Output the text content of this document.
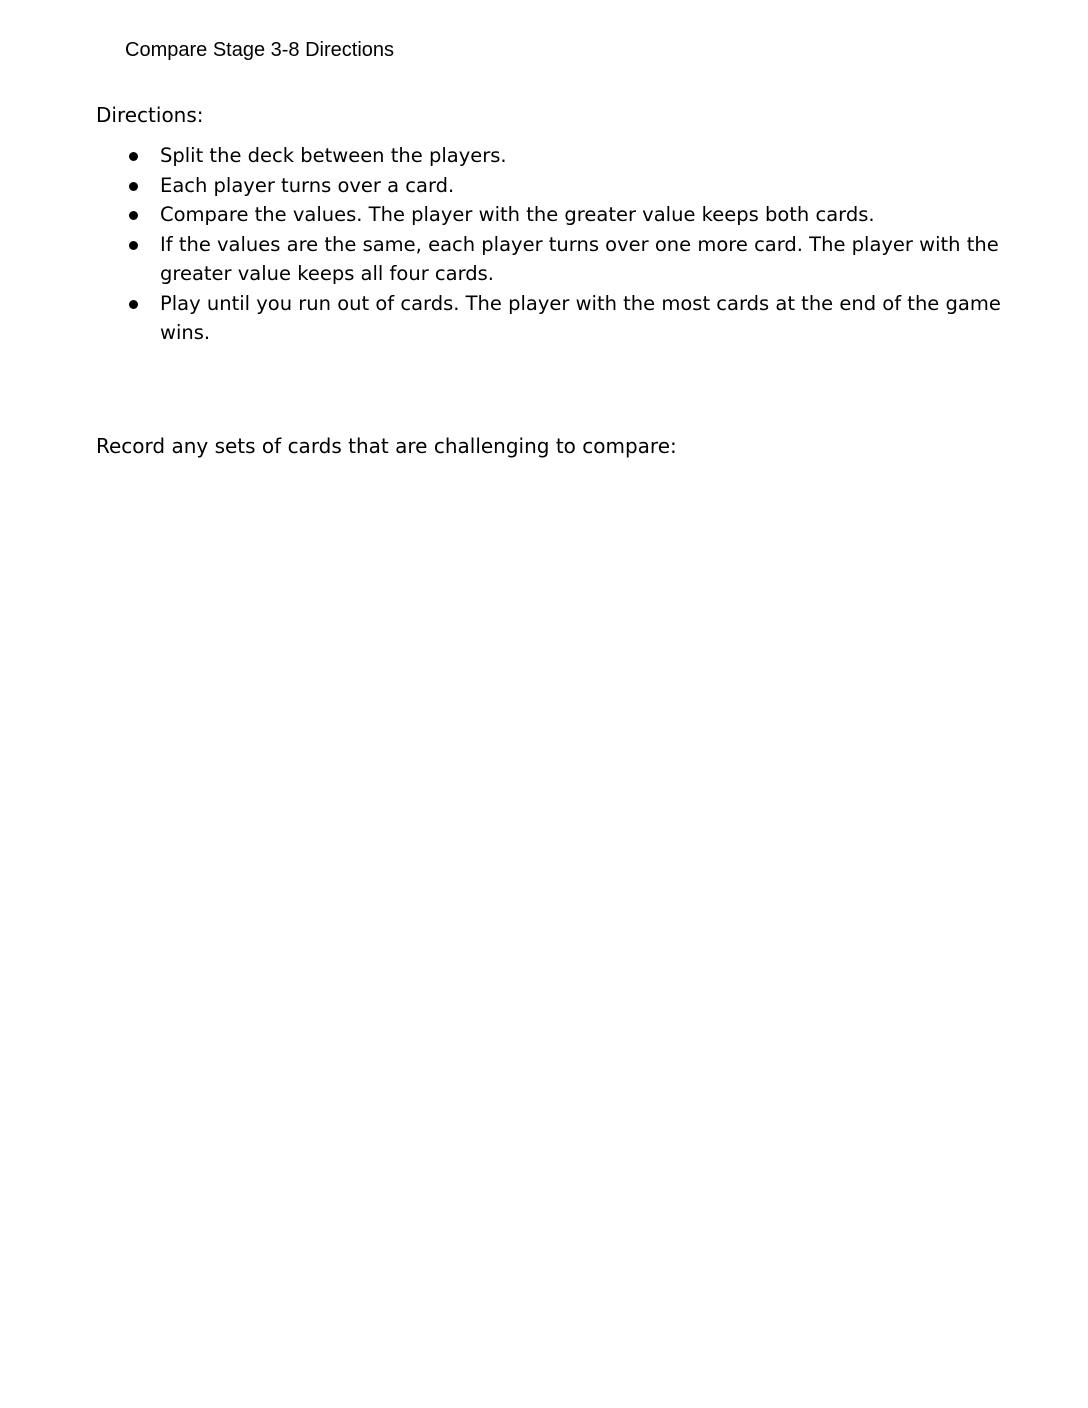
Compare Stage 3-8 Directions
Directions:
Split the deck between the players.
Each player turns over a card.
Compare the values. The player with the greater value keeps both cards.
If the values are the same, each player turns over one more card. The player with the greater value keeps all four cards.
Play until you run out of cards. The player with the most cards at the end of the game wins.
Record any sets of cards that are challenging to compare:
